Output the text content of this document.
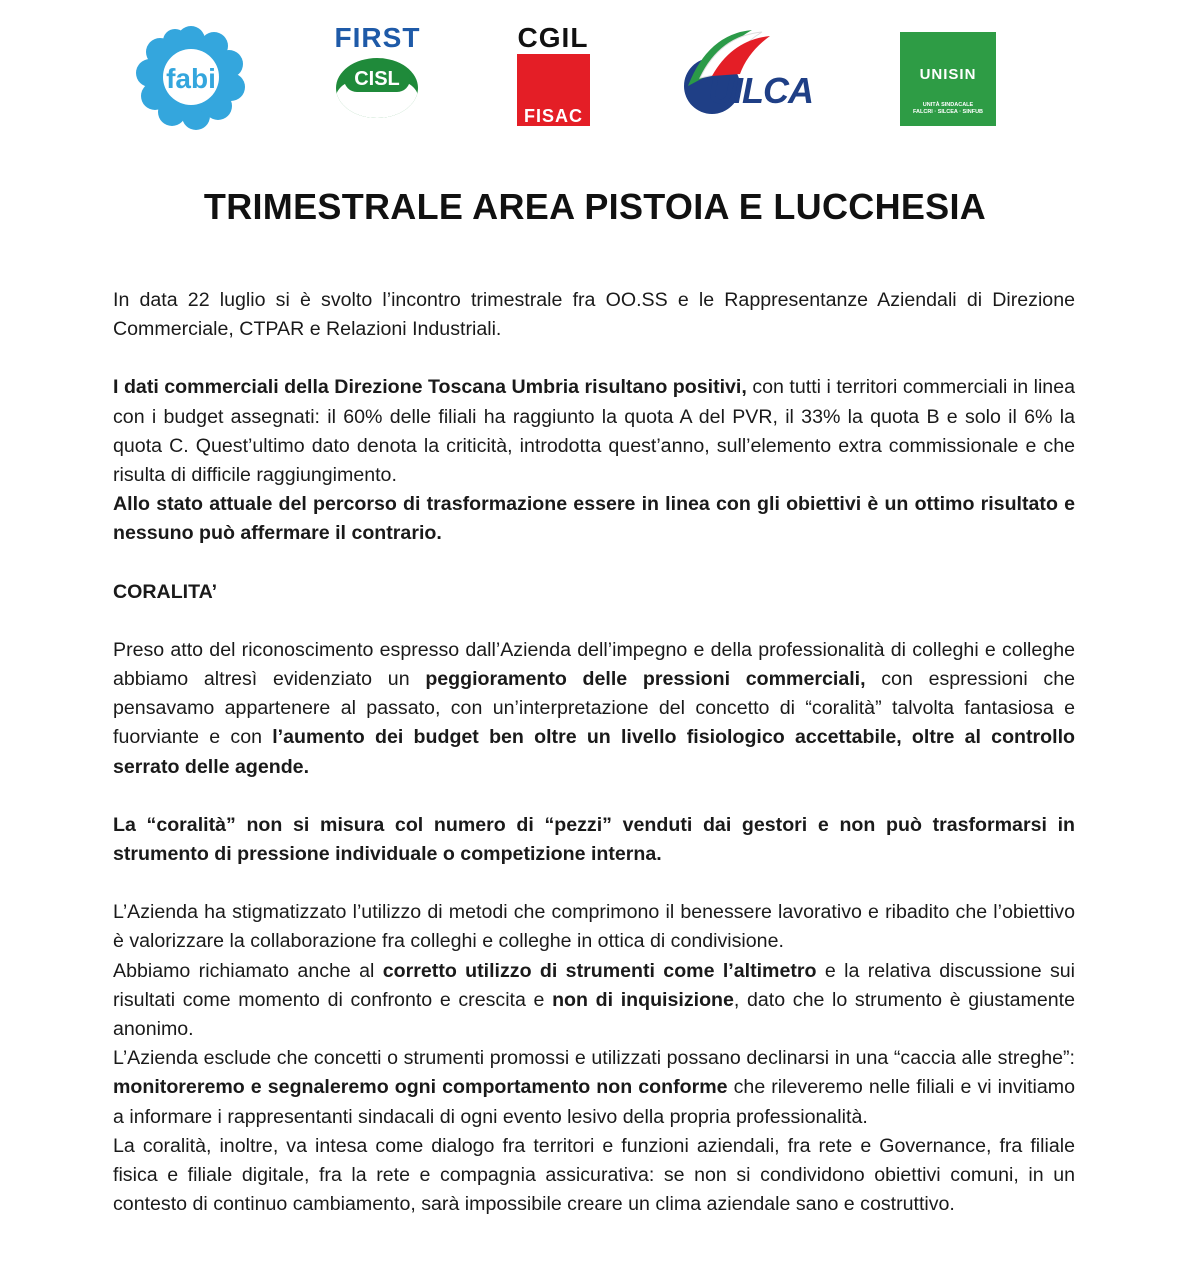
fabi
FIRST
CISL
CGIL
FISAC
UILCA	UNISIN
UNITÀ SINDACALE
FALCRI · SILCEA · SINFUB
TRIMESTRALE AREA PISTOIA E LUCCHESIA

In data 22 luglio si è svolto l’incontro trimestrale fra OO.SS e le Rappresentanze Aziendali di Direzione Commerciale, CTPAR e Relazioni Industriali.

I dati commerciali della Direzione Toscana Umbria risultano positivi, con tutti i territori commerciali in linea con i budget assegnati: il 60% delle filiali ha raggiunto la quota A del PVR, il 33% la quota B e solo il 6% la quota C. Quest’ultimo dato denota la criticità, introdotta quest’anno, sull’elemento extra commissionale e che risulta di difficile raggiungimento.

Allo stato attuale del percorso di trasformazione essere in linea con gli obiettivi è un ottimo risultato e nessuno può affermare il contrario.

CORALITA’

Preso atto del riconoscimento espresso dall’Azienda dell’impegno e della professionalità di colleghi e colleghe abbiamo altresì evidenziato un peggioramento delle pressioni commerciali, con espressioni che pensavamo appartenere al passato, con un’interpretazione del concetto di “coralità” talvolta fantasiosa e fuorviante e con l’aumento dei budget ben oltre un livello fisiologico accettabile, oltre al controllo serrato delle agende.

La “coralità” non si misura col numero di “pezzi” venduti dai gestori e non può trasformarsi in strumento di pressione individuale o competizione interna.

L’Azienda ha stigmatizzato l’utilizzo di metodi che comprimono il benessere lavorativo e ribadito che l’obiettivo è valorizzare la collaborazione fra colleghi e colleghe in ottica di condivisione.

Abbiamo richiamato anche al corretto utilizzo di strumenti come l’altimetro e la relativa discussione sui risultati come momento di confronto e crescita e non di inquisizione, dato che lo strumento è giustamente anonimo.

L’Azienda esclude che concetti o strumenti promossi e utilizzati possano declinarsi in una “caccia alle streghe”: monitoreremo e segnaleremo ogni comportamento non conforme che rileveremo nelle filiali e vi invitiamo a informare i rappresentanti sindacali di ogni evento lesivo della propria professionalità.

La coralità, inoltre, va intesa come dialogo fra territori e funzioni aziendali, fra rete e Governance, fra filiale fisica e filiale digitale, fra la rete e compagnia assicurativa: se non si condividono obiettivi comuni, in un contesto di continuo cambiamento, sarà impossibile creare un clima aziendale sano e costruttivo.
